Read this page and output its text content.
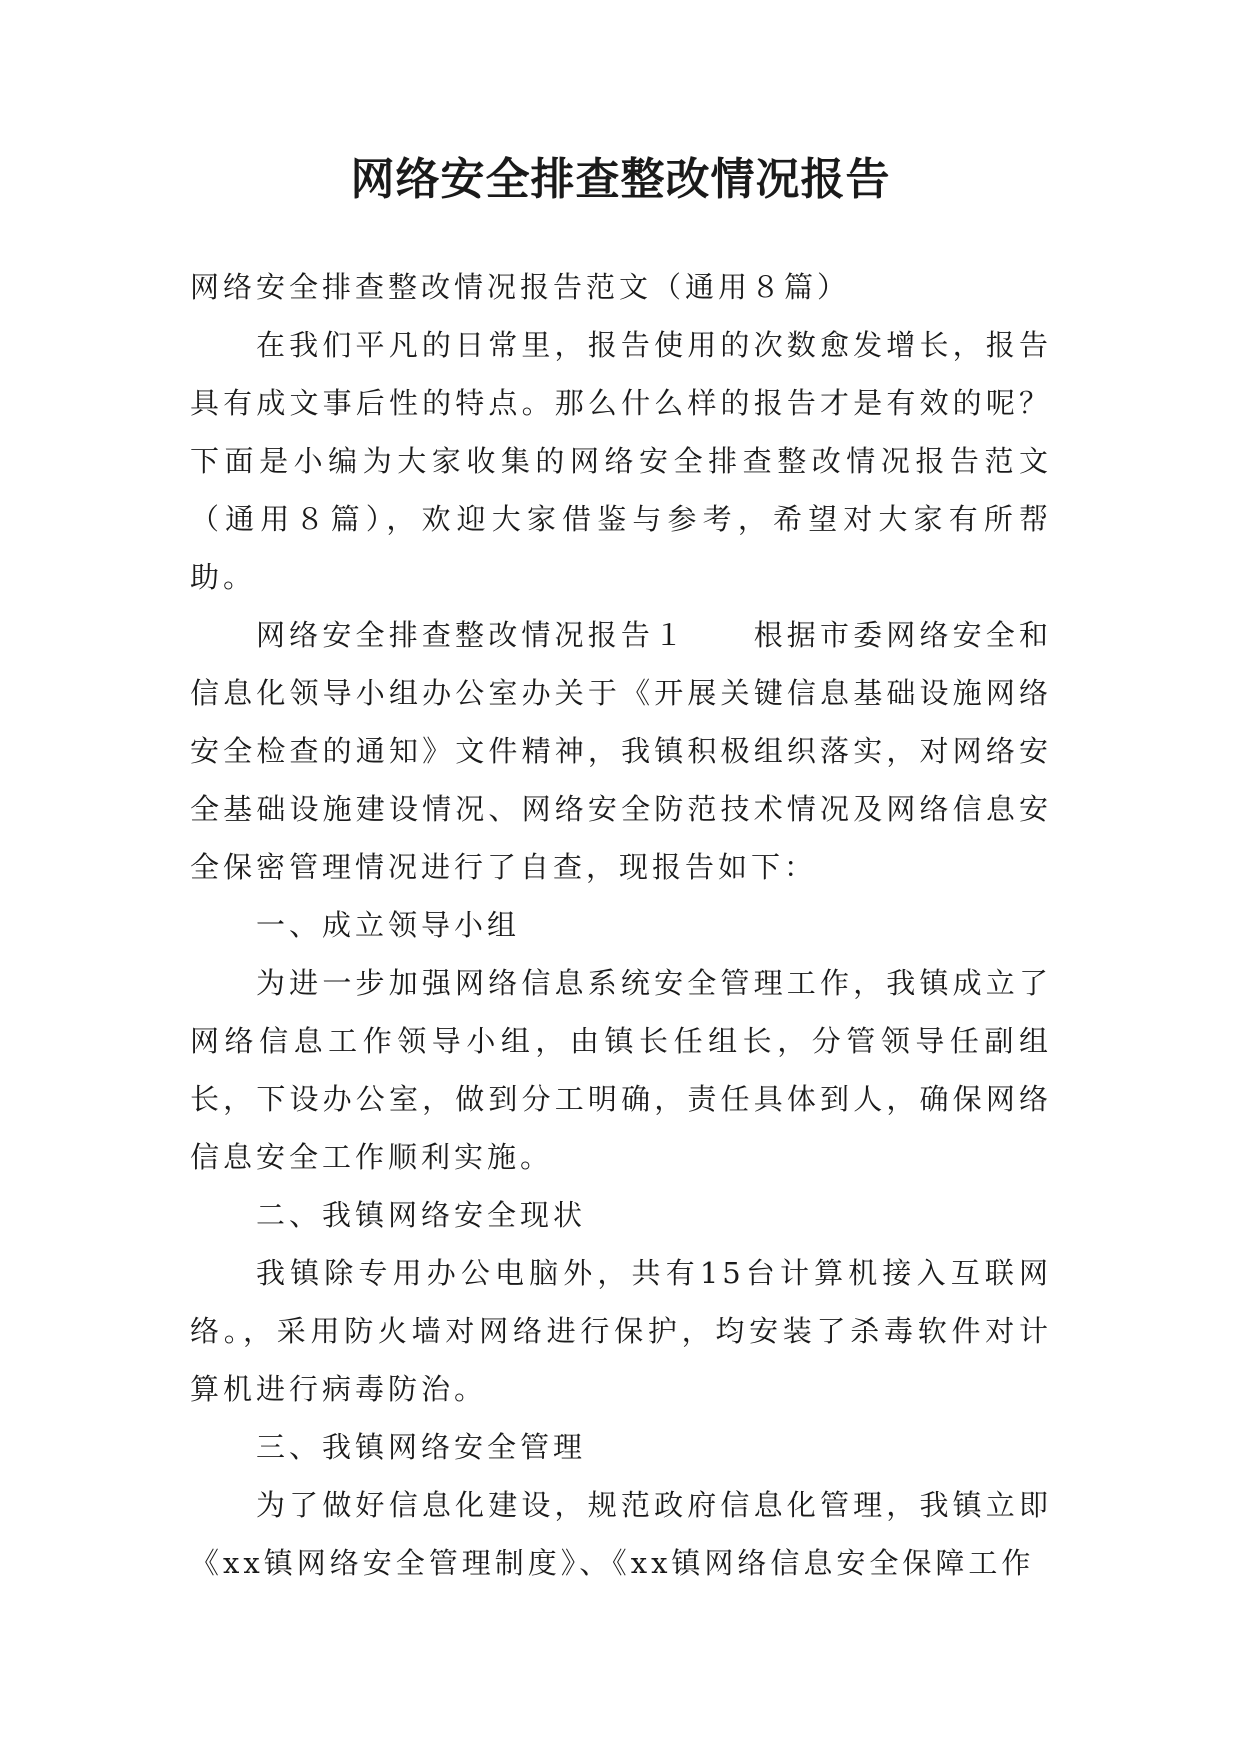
网络安全排查整改情况报告

网络安全排查整改情况报告范文（通用８篇）

在我们平凡的日常里，报告使用的次数愈发增长，报告具有成文事后性的特点。那么什么样的报告才是有效的呢？下面是小编为大家收集的网络安全排查整改情况报告范文（通用８篇），欢迎大家借鉴与参考，希望对大家有所帮助。

网络安全排查整改情况报告１　　根据市委网络安全和信息化领导小组办公室办关于《开展关键信息基础设施网络安全检查的通知》文件精神，我镇积极组织落实，对网络安全基础设施建设情况、网络安全防范技术情况及网络信息安全保密管理情况进行了自查，现报告如下：

一、成立领导小组

为进一步加强网络信息系统安全管理工作，我镇成立了网络信息工作领导小组，由镇长任组长，分管领导任副组长，下设办公室，做到分工明确，责任具体到人，确保网络信息安全工作顺利实施。

二、我镇网络安全现状

我镇除专用办公电脑外，共有15台计算机接入互联网络。，采用防火墙对网络进行保护，均安装了杀毒软件对计算机进行病毒防治。

三、我镇网络安全管理

为了做好信息化建设，规范政府信息化管理，我镇立即《xx镇网络安全管理制度》、《xx镇网络信息安全保障工作
